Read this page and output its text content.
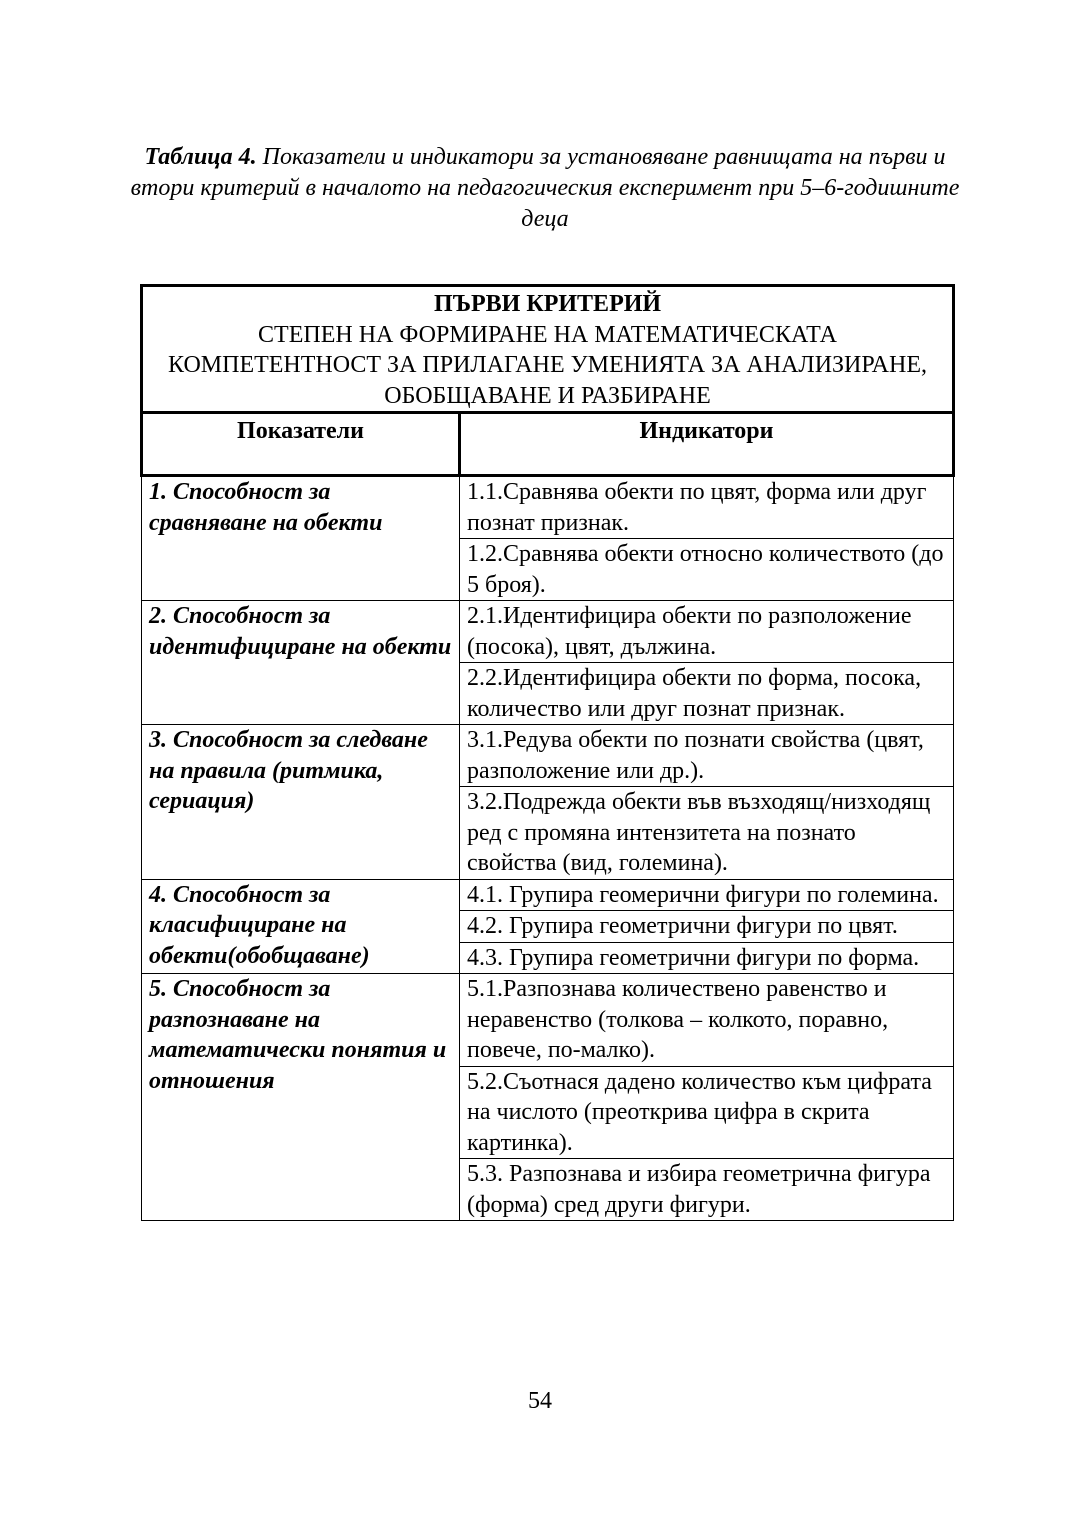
Таблица 4. Показатели и индикатори за установяване равнищата на първи и втори критерий в началото на педагогическия експеримент при 5–6-годишните деца
ПЪРВИ КРИТЕРИЙ
СТЕПЕН НА ФОРМИРАНЕ НА МАТЕМАТИЧЕСКАТА КОМПЕТЕНТНОСТ ЗА ПРИЛАГАНЕ УМЕНИЯТА ЗА АНАЛИЗИРАНЕ, ОБОБЩАВАНЕ И РАЗБИРАНЕ	

Показатели	Индикатори
1. Способност за сравняване на обекти	1.1.Сравнява обекти по цвят, форма или друг познат признак.
	1.2.Сравнява обекти относно количеството (до 5 броя).
2. Способност за идентифициране на обекти	2.1.Идентифицира обекти по разположение (посока), цвят, дължина.
	2.2.Идентифицира обекти по форма, посока, количество или друг познат признак.
3. Способност за следване на правила (ритмика, сериация)	3.1.Редува обекти по познати свойства (цвят, разположение или др.).
	3.2.Подрежда обекти във възходящ/низходящ ред с промяна интензитета на познато свойства (вид, големина).
4. Способност за класифициране на обекти(обобщаване)	4.1. Групира геомерични фигури по големина.
	4.2. Групира геометрични фигури по цвят.
	4.3. Групира геометрични фигури по форма.
5. Способност за разпознаване на математически понятия и отношения	5.1.Разпознава количествено равенство и неравенство (толкова – колкото, поравно, повече, по-малко).
	5.2.Съотнася дадено количество към цифрата на числото (преоткрива цифра в скрита картинка).
	5.3. Разпознава и избира геометрична фигура (форма) сред други фигури.
54
